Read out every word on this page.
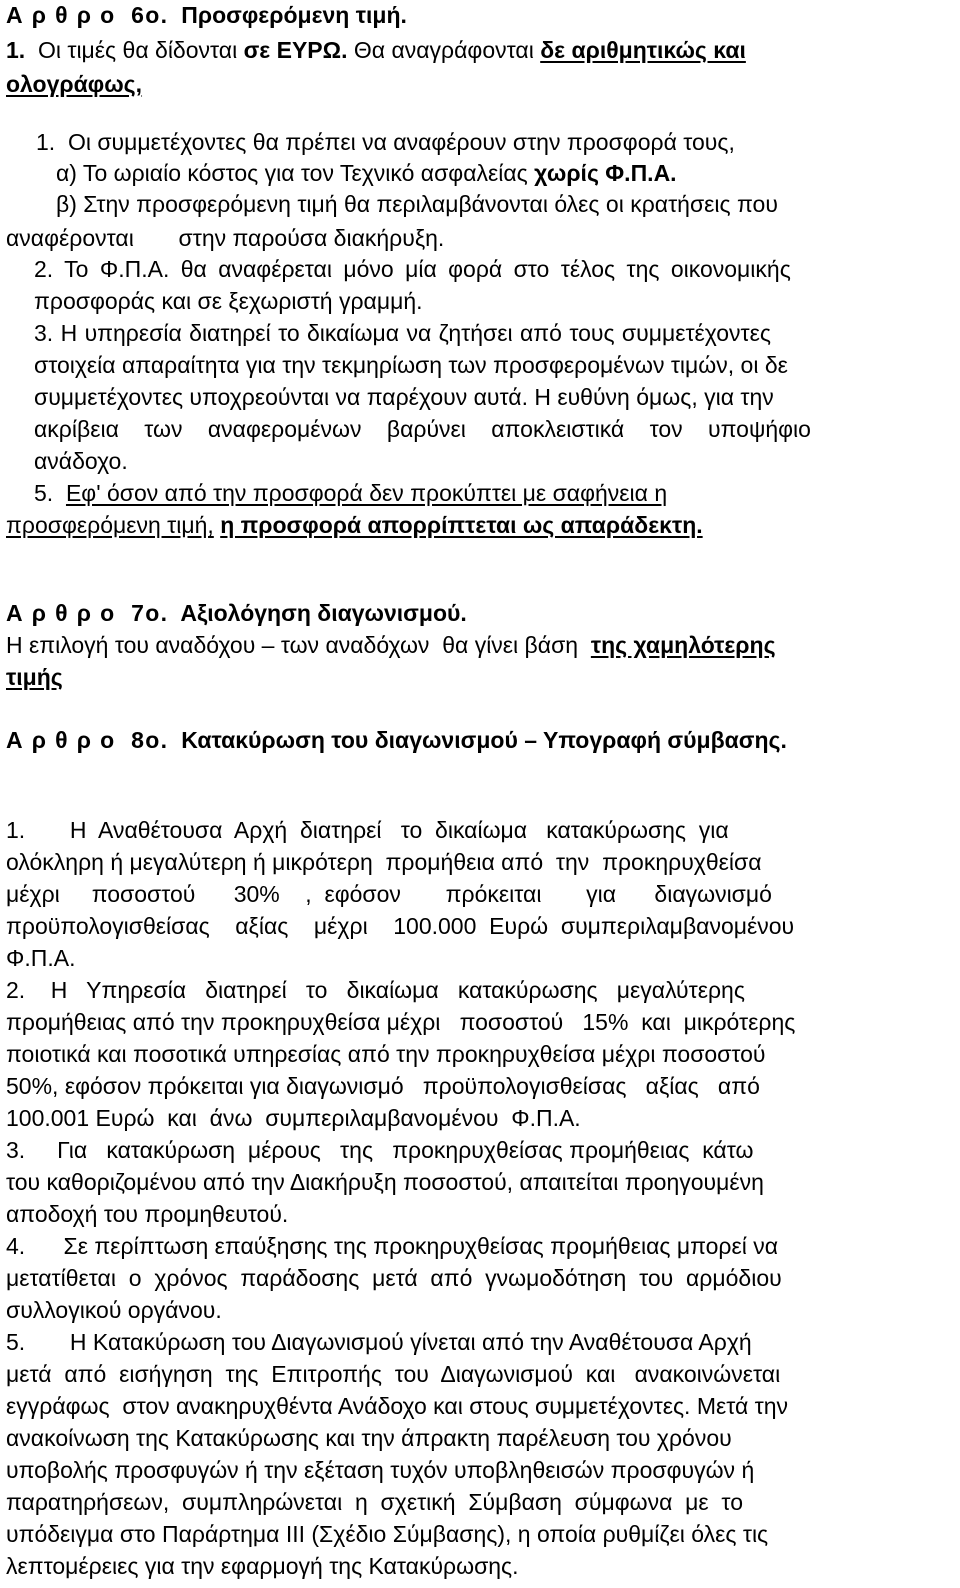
Α ρ θ ρ ο  6ο. Προσφερόμενη τιμή.
1. Οι τιμές θα δίδονται σε ΕΥΡΩ. Θα αναγράφονται δε αριθμητικώς και
ολογράφως,
1.  Οι συμμετέχοντες θα πρέπει να αναφέρουν στην προσφορά τους,
α) Το ωριαίο κόστος για τον Τεχνικό ασφαλείας χωρίς Φ.Π.Α.
β) Στην προσφερόμενη τιμή θα περιλαμβάνονται όλες οι κρατήσεις που
αναφέρονται       στην παρούσα διακήρυξη.
2. Το Φ.Π.Α. θα αναφέρεται μόνο μία φορά στο τέλος της οικονομικής
προσφοράς και σε ξεχωριστή γραμμή.
3. Η υπηρεσία διατηρεί το δικαίωμα να ζητήσει από τους συμμετέχοντες
στοιχεία απαραίτητα για την τεκμηρίωση των προσφερομένων τιμών, οι δε
συμμετέχοντες υποχρεούνται να παρέχουν αυτά. Η ευθύνη όμως, για την
ακρίβεια των αναφερομένων βαρύνει αποκλειστικά τον υποψήφιο
ανάδοχο.
5. Εφ' όσον από την προσφορά δεν προκύπτει με σαφήνεια η
προσφερόμενη τιμή, η προσφορά απορρίπτεται ως απαράδεκτη.
Α ρ θ ρ ο  7ο. Αξιολόγηση διαγωνισμού.
Η επιλογή του αναδόχου – των αναδόχων  θα γίνει βάση της χαμηλότερης
τιμής
Α ρ θ ρ ο  8ο. Κατακύρωση του διαγωνισμού – Υπογραφή σύμβασης.
1.       Η  Αναθέτουσα  Αρχή  διατηρεί   το  δικαίωμα   κατακύρωσης  για
ολόκληρη ή μεγαλύτερη ή μικρότερη  προμήθεια από  την  προκηρυχθείσα
μέχρι     ποσοστού      30%    ,  εφόσον       πρόκειται       για      διαγωνισμό
προϋπολογισθείσας    αξίας    μέχρι    100.000  Ευρώ  συμπεριλαμβανομένου
Φ.Π.Α.
2.    Η   Υπηρεσία   διατηρεί   το   δικαίωμα   κατακύρωσης   μεγαλύτερης
προμήθειας από την προκηρυχθείσα μέχρι   ποσοστού   15%  και  μικρότερης
ποιοτικά και ποσοτικά υπηρεσίας από την προκηρυχθείσα μέχρι ποσοστού
50%, εφόσον πρόκειται για διαγωνισμό   προϋπολογισθείσας   αξίας   από
100.001 Ευρώ  και  άνω  συμπεριλαμβανομένου  Φ.Π.Α.
3.     Για   κατακύρωση  μέρους   της   προκηρυχθείσας προμήθειας  κάτω
του καθοριζομένου από την Διακήρυξη ποσοστού, απαιτείται προηγουμένη
αποδοχή του προμηθευτού.
4.      Σε περίπτωση επαύξησης της προκηρυχθείσας προμήθειας μπορεί να
μετατίθεται  ο  χρόνος  παράδοσης  μετά  από  γνωμοδότηση  του  αρμόδιου
συλλογικού οργάνου.
5.       Η Κατακύρωση του Διαγωνισμού γίνεται από την Αναθέτουσα Αρχή
μετά  από  εισήγηση  της  Επιτροπής  του  Διαγωνισμού  και   ανακοινώνεται
εγγράφως  στον ανακηρυχθέντα Ανάδοχο και στους συμμετέχοντες. Μετά την
ανακοίνωση της Κατακύρωσης και την άπρακτη παρέλευση του χρόνου
υποβολής προσφυγών ή την εξέταση τυχόν υποβληθεισών προσφυγών ή
παρατηρήσεων,  συμπληρώνεται  η  σχετική  Σύμβαση  σύμφωνα  με  το
υπόδειγμα στο Παράρτημα ΙΙΙ (Σχέδιο Σύμβασης), η οποία ρυθμίζει όλες τις
λεπτομέρειες για την εφαρμογή της Κατακύρωσης.
